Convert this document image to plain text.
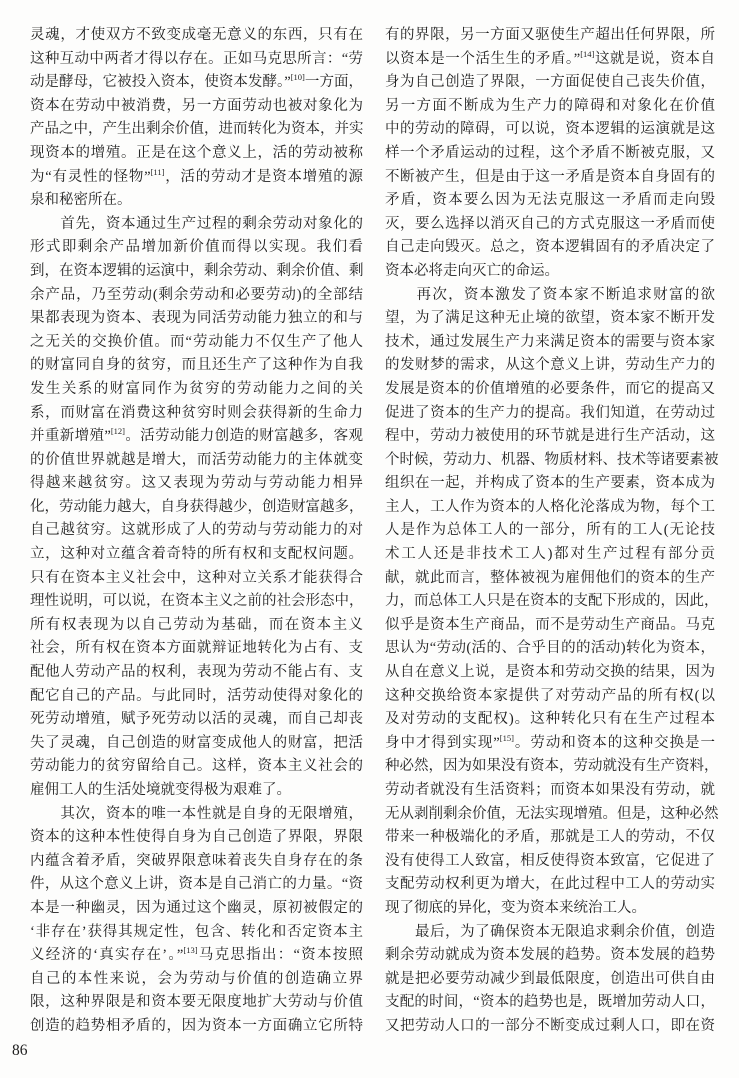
灵魂，才使双方不致变成毫无意义的东西，只有在
这种互动中两者才得以存在。正如马克思所言：“劳
动是酵母，它被投入资本，使资本发酵。”[10]一方面，
资本在劳动中被消费，另一方面劳动也被对象化为
产品之中，产生出剩余价值，进而转化为资本，并实
现资本的增殖。正是在这个意义上，活的劳动被称
为“有灵性的怪物”[11]，活的劳动才是资本增殖的源
泉和秘密所在。
　　首先，资本通过生产过程的剩余劳动对象化的
形式即剩余产品增加新价值而得以实现。我们看
到，在资本逻辑的运演中，剩余劳动、剩余价值、剩
余产品，乃至劳动(剩余劳动和必要劳动)的全部结
果都表现为资本、表现为同活劳动能力独立的和与
之无关的交换价值。而“劳动能力不仅生产了他人
的财富同自身的贫穷，而且还生产了这种作为自我
发生关系的财富同作为贫穷的劳动能力之间的关
系，而财富在消费这种贫穷时则会获得新的生命力
并重新增殖”[12]。活劳动能力创造的财富越多，客观
的价值世界就越是增大，而活劳动能力的主体就变
得越来越贫穷。这又表现为劳动与劳动能力相异
化，劳动能力越大，自身获得越少，创造财富越多，
自己越贫穷。这就形成了人的劳动与劳动能力的对
立，这种对立蕴含着奇特的所有权和支配权问题。
只有在资本主义社会中，这种对立关系才能获得合
理性说明，可以说，在资本主义之前的社会形态中，
所有权表现为以自己劳动为基础，而在资本主义
社会，所有权在资本方面就辩证地转化为占有、支
配他人劳动产品的权利，表现为劳动不能占有、支
配它自己的产品。与此同时，活劳动使得对象化的
死劳动增殖，赋予死劳动以活的灵魂，而自己却丧
失了灵魂，自己创造的财富变成他人的财富，把活
劳动能力的贫穷留给自己。这样，资本主义社会的
雇佣工人的生活处境就变得极为艰难了。
　　其次，资本的唯一本性就是自身的无限增殖，
资本的这种本性使得自身为自己创造了界限，界限
内蕴含着矛盾，突破界限意味着丧失自身存在的条
件，从这个意义上讲，资本是自己消亡的力量。“资
本是一种幽灵，因为通过这个幽灵，原初被假定的
‘非存在’获得其规定性，包含、转化和否定资本主
义经济的‘真实存在’。”[13]马克思指出：“资本按照
自己的本性来说，会为劳动与价值的创造确立界
限，这种界限是和资本要无限度地扩大劳动与价值
创造的趋势相矛盾的，因为资本一方面确立它所特
有的界限，另一方面又驱使生产超出任何界限，所
以资本是一个活生生的矛盾。”[14]这就是说，资本自
身为自己创造了界限，一方面促使自己丧失价值，
另一方面不断成为生产力的障碍和对象化在价值
中的劳动的障碍，可以说，资本逻辑的运演就是这
样一个矛盾运动的过程，这个矛盾不断被克服，又
不断被产生，但是由于这一矛盾是资本自身固有的
矛盾，资本要么因为无法克服这一矛盾而走向毁
灭，要么选择以消灭自己的方式克服这一矛盾而使
自己走向毁灭。总之，资本逻辑固有的矛盾决定了
资本必将走向灭亡的命运。
　　再次，资本激发了资本家不断追求财富的欲
望，为了满足这种无止境的欲望，资本家不断开发
技术，通过发展生产力来满足资本的需要与资本家
的发财梦的需求，从这个意义上讲，劳动生产力的
发展是资本的价值增殖的必要条件，而它的提高又
促进了资本的生产力的提高。我们知道，在劳动过
程中，劳动力被使用的环节就是进行生产活动，这
个时候，劳动力、机器、物质材料、技术等诸要素被
组织在一起，并构成了资本的生产要素，资本成为
主人，工人作为资本的人格化沦落成为物，每个工
人是作为总体工人的一部分，所有的工人(无论技
术工人还是非技术工人)都对生产过程有部分贡
献，就此而言，整体被视为雇佣他们的资本的生产
力，而总体工人只是在资本的支配下形成的，因此，
似乎是资本生产商品，而不是劳动生产商品。马克
思认为“劳动(活的、合乎目的的活动)转化为资本，
从自在意义上说，是资本和劳动交换的结果，因为
这种交换给资本家提供了对劳动产品的所有权(以
及对劳动的支配权)。这种转化只有在生产过程本
身中才得到实现”[15]。劳动和资本的这种交换是一
种必然，因为如果没有资本，劳动就没有生产资料，
劳动者就没有生活资料；而资本如果没有劳动，就
无从剥削剩余价值，无法实现增殖。但是，这种必然
带来一种极端化的矛盾，那就是工人的劳动，不仅
没有使得工人致富，相反使得资本致富，它促进了
支配劳动权利更为增大，在此过程中工人的劳动实
现了彻底的异化，变为资本来统治工人。
　　最后，为了确保资本无限追求剩余价值，创造
剩余劳动就成为资本发展的趋势。资本发展的趋势
就是把必要劳动减少到最低限度，创造出可供自由
支配的时间，“资本的趋势也是，既增加劳动人口，
又把劳动人口的一部分不断变成过剩人口，即在资
86
